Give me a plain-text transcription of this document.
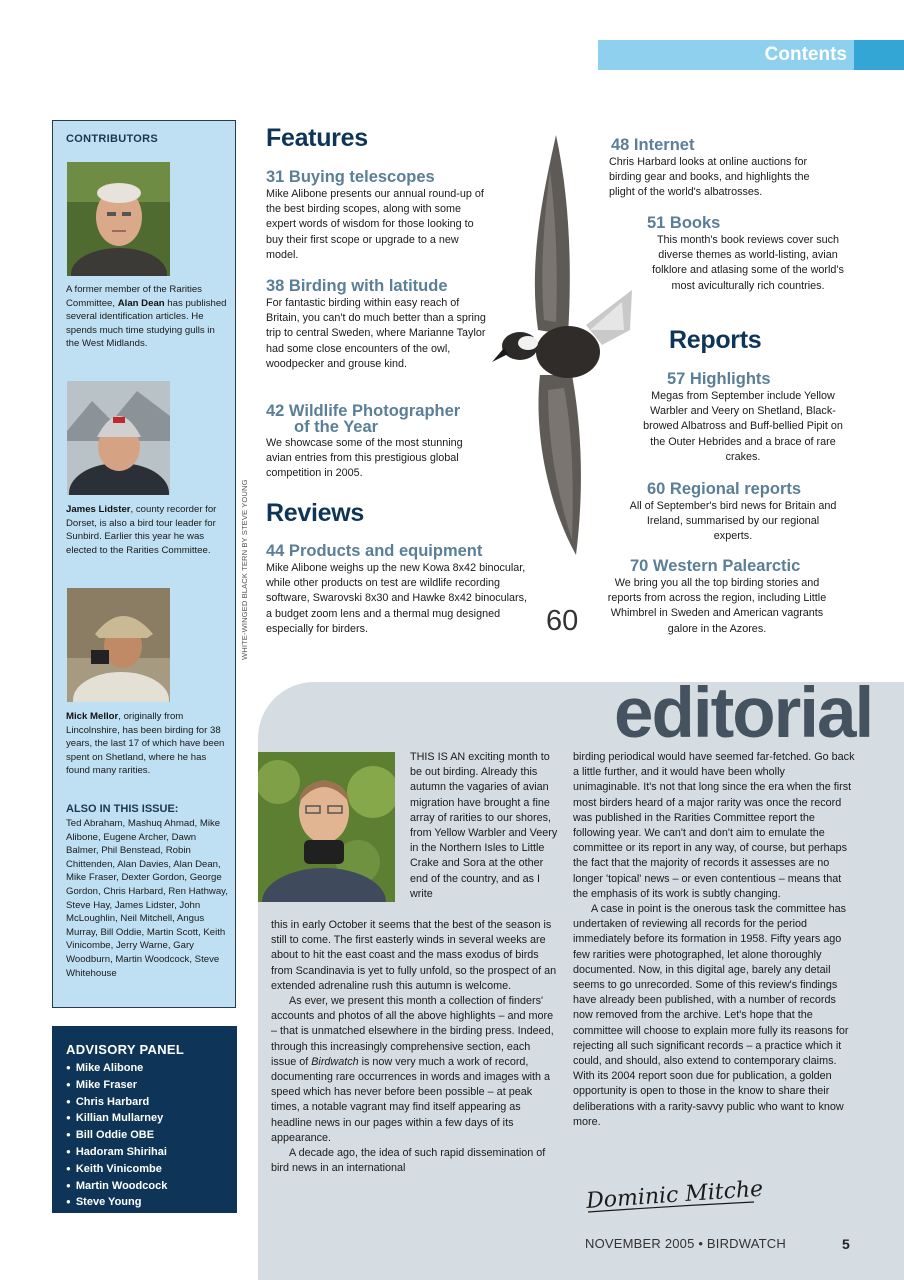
Contents
CONTRIBUTORS
A former member of the Rarities Committee, Alan Dean has published several identification articles. He spends much time studying gulls in the West Midlands.
James Lidster, county recorder for Dorset, is also a bird tour leader for Sunbird. Earlier this year he was elected to the Rarities Committee.
Mick Mellor, originally from Lincolnshire, has been birding for 38 years, the last 17 of which have been spent on Shetland, where he has found many rarities.
ALSO IN THIS ISSUE:
Ted Abraham, Mashuq Ahmad, Mike Alibone, Eugene Archer, Dawn Balmer, Phil Benstead, Robin Chittenden, Alan Davies, Alan Dean, Mike Fraser, Dexter Gordon, George Gordon, Chris Harbard, Ren Hathway, Steve Hay, James Lidster, John McLoughlin, Neil Mitchell, Angus Murray, Bill Oddie, Martin Scott, Keith Vinicombe, Jerry Warne, Gary Woodburn, Martin Woodcock, Steve Whitehouse
ADVISORY PANEL
● Mike Alibone
● Mike Fraser
● Chris Harbard
● Killian Mullarney
● Bill Oddie OBE
● Hadoram Shirihai
● Keith Vinicombe
● Martin Woodcock
● Steve Young
Features
31 Buying telescopes
Mike Alibone presents our annual round-up of the best birding scopes, along with some expert words of wisdom for those looking to buy their first scope or upgrade to a new model.
38 Birding with latitude
For fantastic birding within easy reach of Britain, you can't do much better than a spring trip to central Sweden, where Marianne Taylor had some close encounters of the owl, woodpecker and grouse kind.
42 Wildlife Photographer
of the Year
We showcase some of the most stunning avian entries from this prestigious global competition in 2005.
Reviews
44 Products and equipment
Mike Alibone weighs up the new Kowa 8x42 binocular, while other products on test are wildlife recording software, Swarovski 8x30 and Hawke 8x42 binoculars, a budget zoom lens and a thermal mug designed especially for birders.
WHITE-WINGED BLACK TERN BY STEVE YOUNG	60
48 Internet
Chris Harbard looks at online auctions for birding gear and books, and highlights the plight of the world's albatrosses.
51 Books
This month's book reviews cover such diverse themes as world-listing, avian folklore and atlasing some of the world's most aviculturally rich countries.
Reports
57 Highlights
Megas from September include Yellow Warbler and Veery on Shetland, Black-browed Albatross and Buff-bellied Pipit on the Outer Hebrides and a brace of rare crakes.
60 Regional reports
All of September's bird news for Britain and Ireland, summarised by our regional experts.
70 Western Palearctic
We bring you all the top birding stories and reports from across the region, including Little Whimbrel in Sweden and American vagrants galore in the Azores.
editorial

THIS IS AN exciting month to be out birding. Already this autumn the vagaries of avian migration have brought a fine array of rarities to our shores, from Yellow Warbler and Veery in the Northern Isles to Little Crake and Sora at the other end of the country, and as I write

this in early October it seems that the best of the season is still to come. The first easterly winds in several weeks are about to hit the east coast and the mass exodus of birds from Scandinavia is yet to fully unfold, so the prospect of an extended adrenaline rush this autumn is welcome.

As ever, we present this month a collection of finders' accounts and photos of all the above highlights – and more – that is unmatched elsewhere in the birding press. Indeed, through this increasingly comprehensive section, each issue of Birdwatch is now very much a work of record, documenting rare occurrences in words and images with a speed which has never before been possible – at peak times, a notable vagrant may find itself appearing as headline news in our pages within a few days of its appearance.

A decade ago, the idea of such rapid dissemination of bird news in an international

birding periodical would have seemed far-fetched. Go back a little further, and it would have been wholly unimaginable. It's not that long since the era when the first most birders heard of a major rarity was once the record was published in the Rarities Committee report the following year. We can't and don't aim to emulate the committee or its report in any way, of course, but perhaps the fact that the majority of records it assesses are no longer 'topical' news – or even contentious – means that the emphasis of its work is subtly changing.

A case in point is the onerous task the committee has undertaken of reviewing all records for the period immediately before its formation in 1958. Fifty years ago few rarities were photographed, let alone thoroughly documented. Now, in this digital age, barely any detail seems to go unrecorded. Some of this review's findings have already been published, with a number of records now removed from the archive. Let's hope that the committee will choose to explain more fully its reasons for rejecting all such significant records – a practice which it could, and should, also extend to contemporary claims. With its 2004 report soon due for publication, a golden opportunity is open to those in the know to share their deliberations with a rarity-savvy public who want to know more.

Dominic Mitchell
NOVEMBER 2005 • BIRDWATCH	5
